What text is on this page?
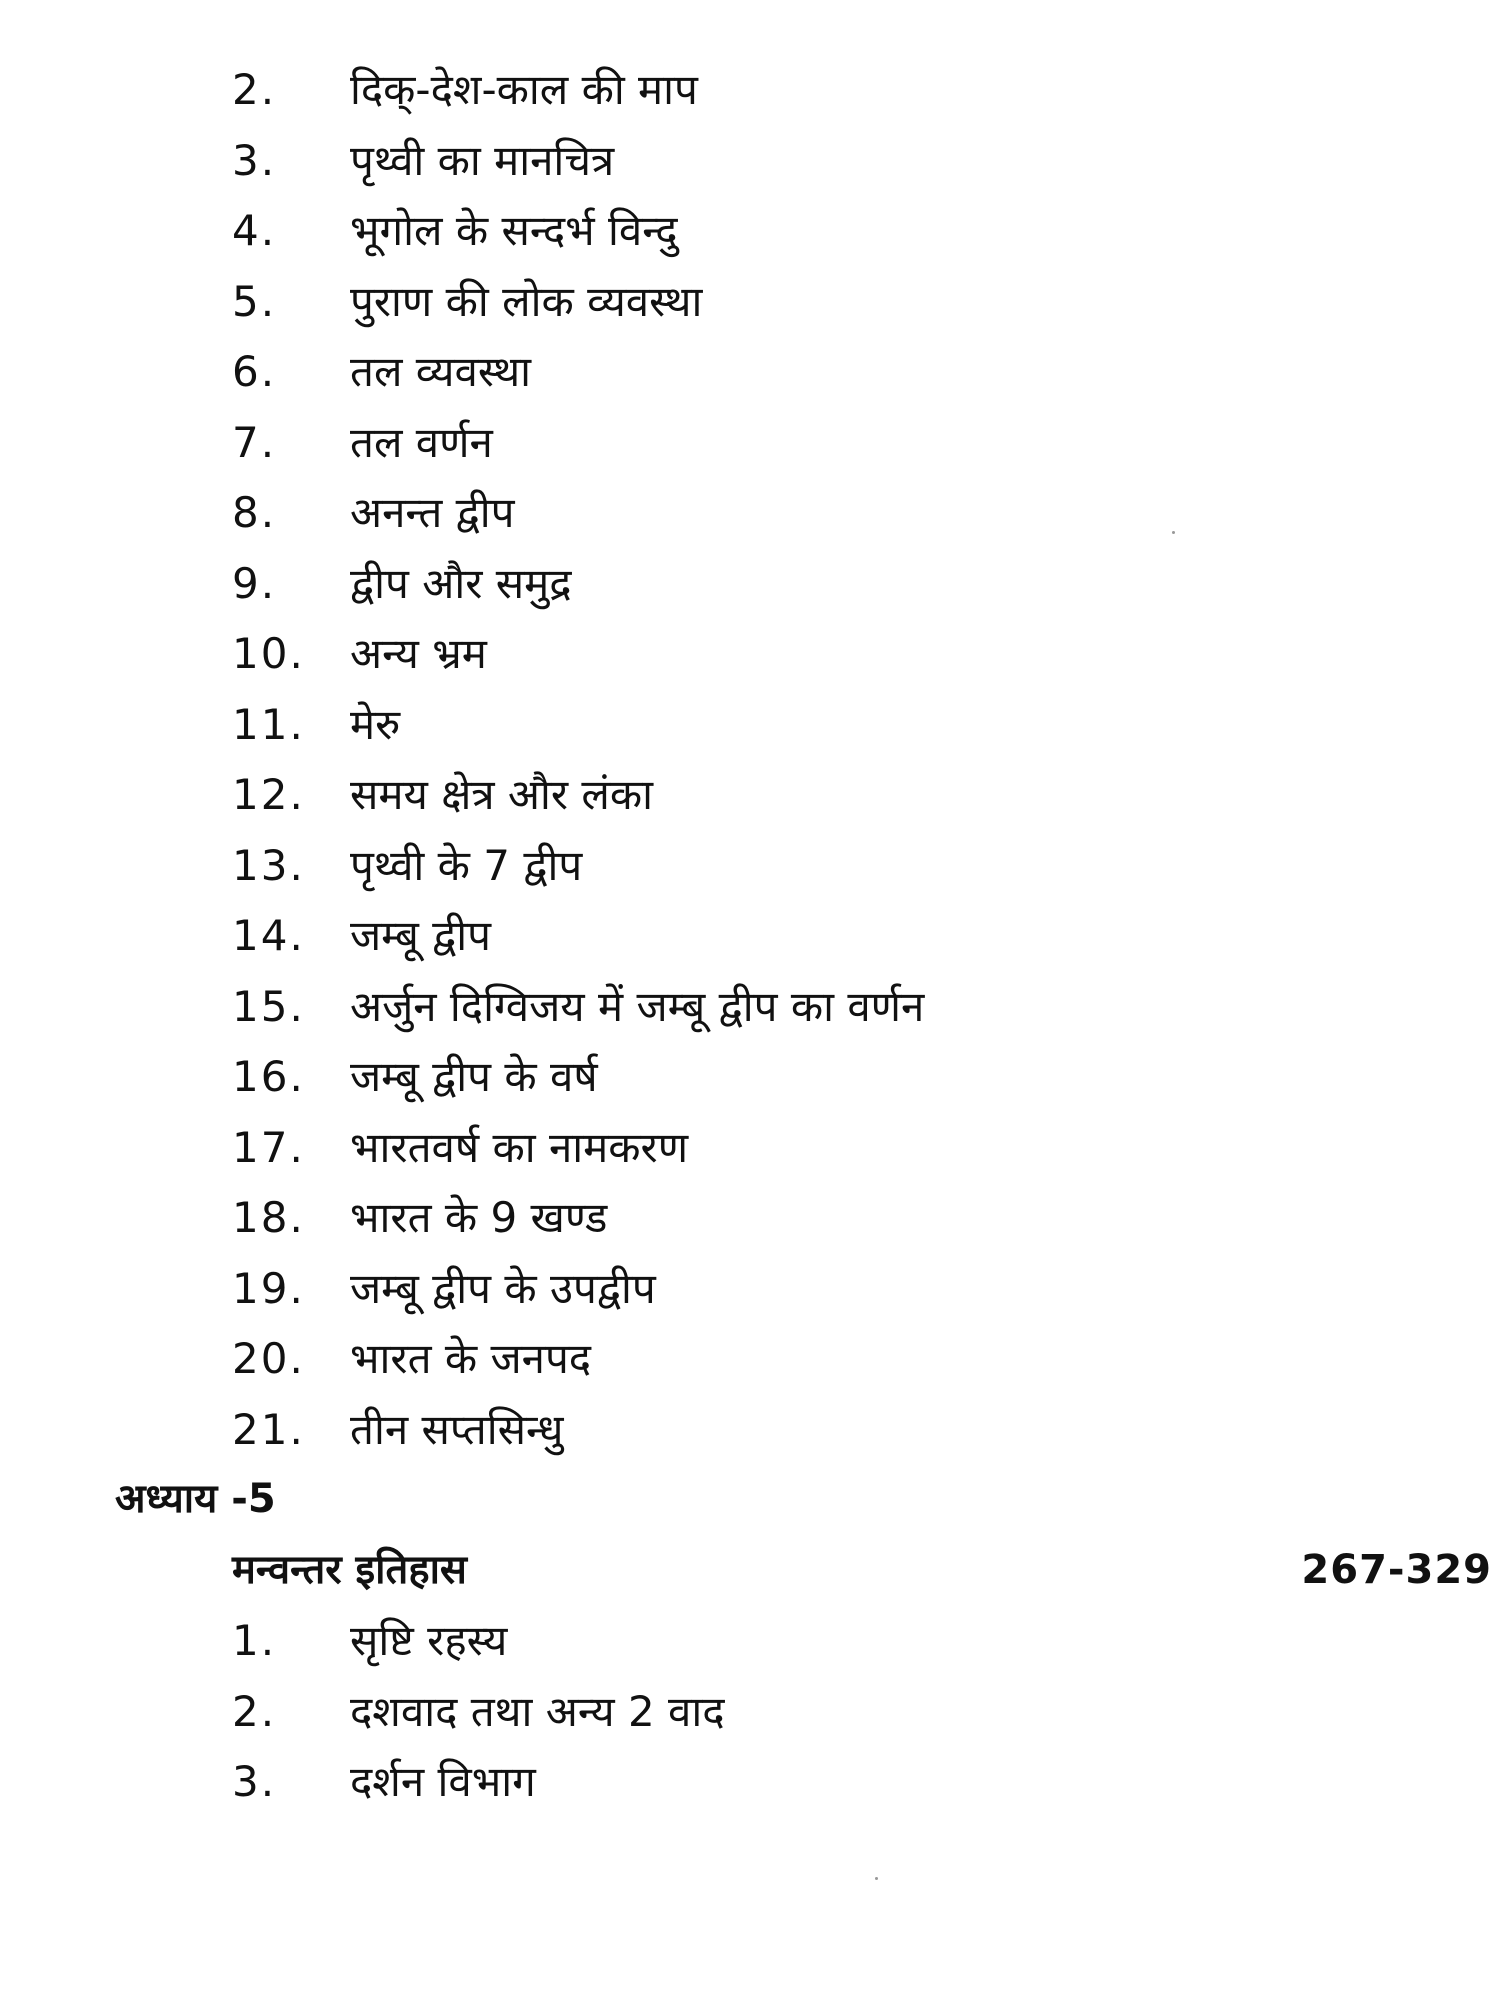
2. दिक्-देश-काल की माप
3. पृथ्वी का मानचित्र
4. भूगोल के सन्दर्भ विन्दु
5. पुराण की लोक व्यवस्था
6. तल व्यवस्था
7. तल वर्णन
8. अनन्त द्वीप
9. द्वीप और समुद्र
10. अन्य भ्रम
11. मेरु
12. समय क्षेत्र और लंका
13. पृथ्वी के 7 द्वीप
14. जम्बू द्वीप
15. अर्जुन दिग्विजय में जम्बू द्वीप का वर्णन
16. जम्बू द्वीप के वर्ष
17. भारतवर्ष का नामकरण
18. भारत के 9 खण्ड
19. जम्बू द्वीप के उपद्वीप
20. भारत के जनपद
21. तीन सप्तसिन्धु
अध्याय -5
मन्वन्तर इतिहास	267-329
1. सृष्टि रहस्य
2. दशवाद तथा अन्य 2 वाद
3. दर्शन विभाग
